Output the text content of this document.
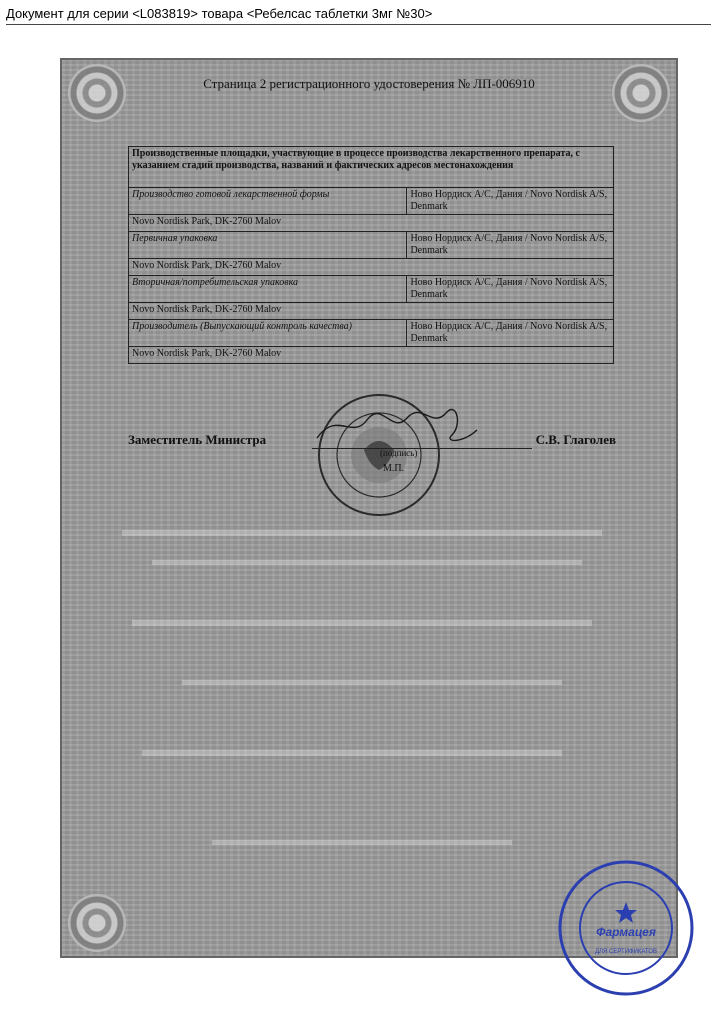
Документ для серии <L083819> товара <Ребелсас таблетки 3мг №30>
Страница 2 регистрационного удостоверения № ЛП-006910
Производственные площадки, участвующие в процессе производства лекарственного препарата, с указанием стадий производства, названий и фактических адресов местонахождения	
Производство готовой лекарственной формы	Ново Нордиск А/С, Дания / Novo Nordisk A/S, Denmark
Novo Nordisk Park, DK-2760 Malov	
Первичная упаковка	Ново Нордиск А/С, Дания / Novo Nordisk A/S, Denmark
Novo Nordisk Park, DK-2760 Malov	
Вторичная/потребительская упаковка	Ново Нордиск А/С, Дания / Novo Nordisk A/S, Denmark
Novo Nordisk Park, DK-2760 Malov	
Производитель (Выпускающий контроль качества)	Ново Нордиск А/С, Дания / Novo Nordisk A/S, Denmark
Novo Nordisk Park, DK-2760 Malov	
Заместитель Министра	С.В. Глаголев
(подпись)
М.П.
Фармацея
ДЛЯ СЕРТИФИКАТОВ
